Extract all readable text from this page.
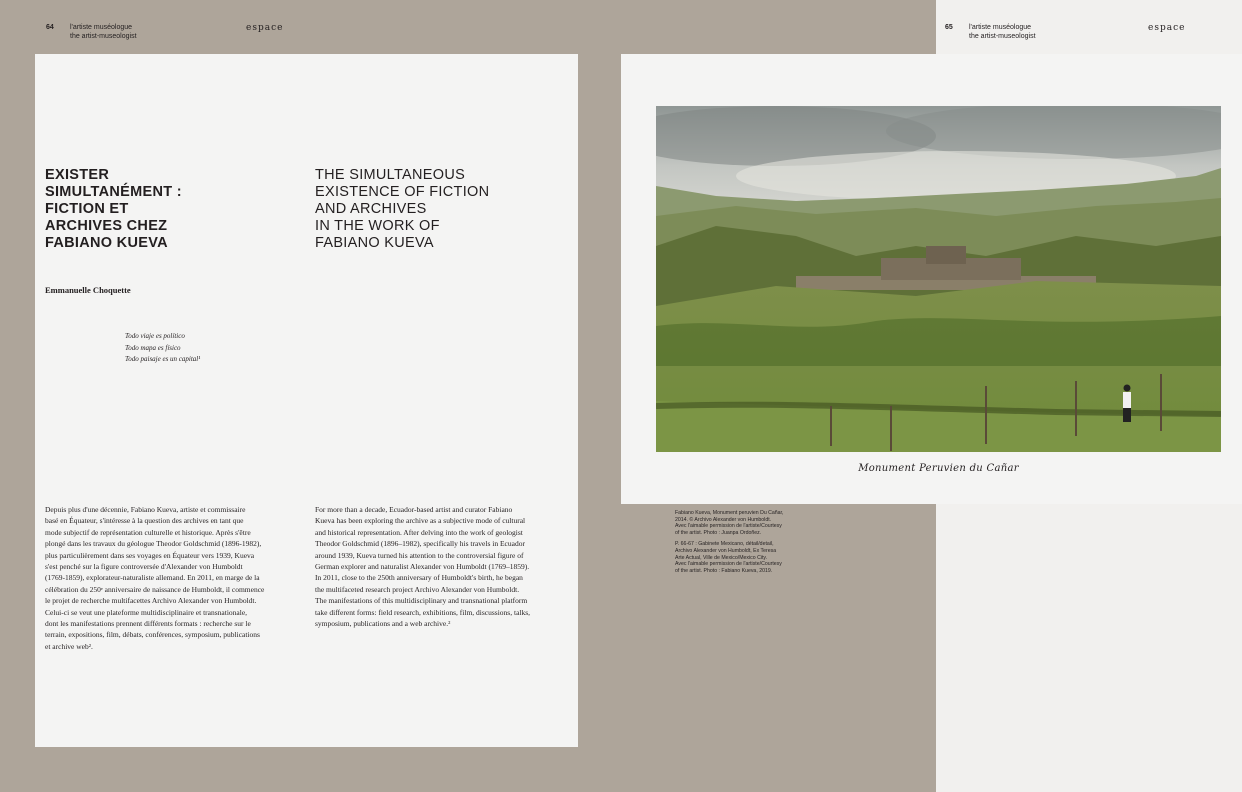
64 l'artiste muséologue
the artist-museologist
espace	65 l'artiste muséologue
the artist-museologist
espace
EXISTER
SIMULTANÉMENT :
FICTION ET
ARCHIVES CHEZ
FABIANO KUEVA
THE SIMULTANEOUS
EXISTENCE OF FICTION
AND ARCHIVES
IN THE WORK OF
FABIANO KUEVA
Emmanuelle Choquette
Todo viaje es político
Todo mapa es físico
Todo paisaje es un capital¹
Depuis plus d'une décennie, Fabiano Kueva, artiste et commissaire
basé en Équateur, s'intéresse à la question des archives en tant que
mode subjectif de représentation culturelle et historique. Après s'être
plongé dans les travaux du géologue Theodor Goldschmid (1896-1982),
plus particulièrement dans ses voyages en Équateur vers 1939, Kueva
s'est penché sur la figure controversée d'Alexander von Humboldt
(1769-1859), explorateur-naturaliste allemand. En 2011, en marge de la
célébration du 250ᵉ anniversaire de naissance de Humboldt, il commence
le projet de recherche multifacettes Archivo Alexander von Humboldt.
Celui-ci se veut une plateforme multidisciplinaire et transnationale,
dont les manifestations prennent différents formats : recherche sur le
terrain, expositions, film, débats, conférences, symposium, publications
et archive web².
For more than a decade, Ecuador-based artist and curator Fabiano
Kueva has been exploring the archive as a subjective mode of cultural
and historical representation. After delving into the work of geologist
Theodor Goldschmid (1896–1982), specifically his travels in Ecuador
around 1939, Kueva turned his attention to the controversial figure of
German explorer and naturalist Alexander von Humboldt (1769–1859).
In 2011, close to the 250th anniversary of Humboldt's birth, he began
the multifaceted research project Archivo Alexander von Humboldt.
The manifestations of this multidisciplinary and transnational platform
take different forms: field research, exhibitions, film, discussions, talks,
symposium, publications and a web archive.²
Monument Peruvien du Cañar
Fabiano Kueva, Monument peruvien Du Cañar,
2014. © Archivo Alexander von Humboldt.
Avec l'aimable permission de l'artiste/Courtesy
of the artist. Photo : Juanpa Ordoñez.
P. 66-67 : Gabinete Mexicano, détail/detail,
Archivo Alexander von Humboldt, Ex Teresa
Arte Actual, Ville de Mexico/Mexico City.
Avec l'aimable permission de l'artiste/Courtesy
of the artist. Photo : Fabiano Kueva, 2019.
